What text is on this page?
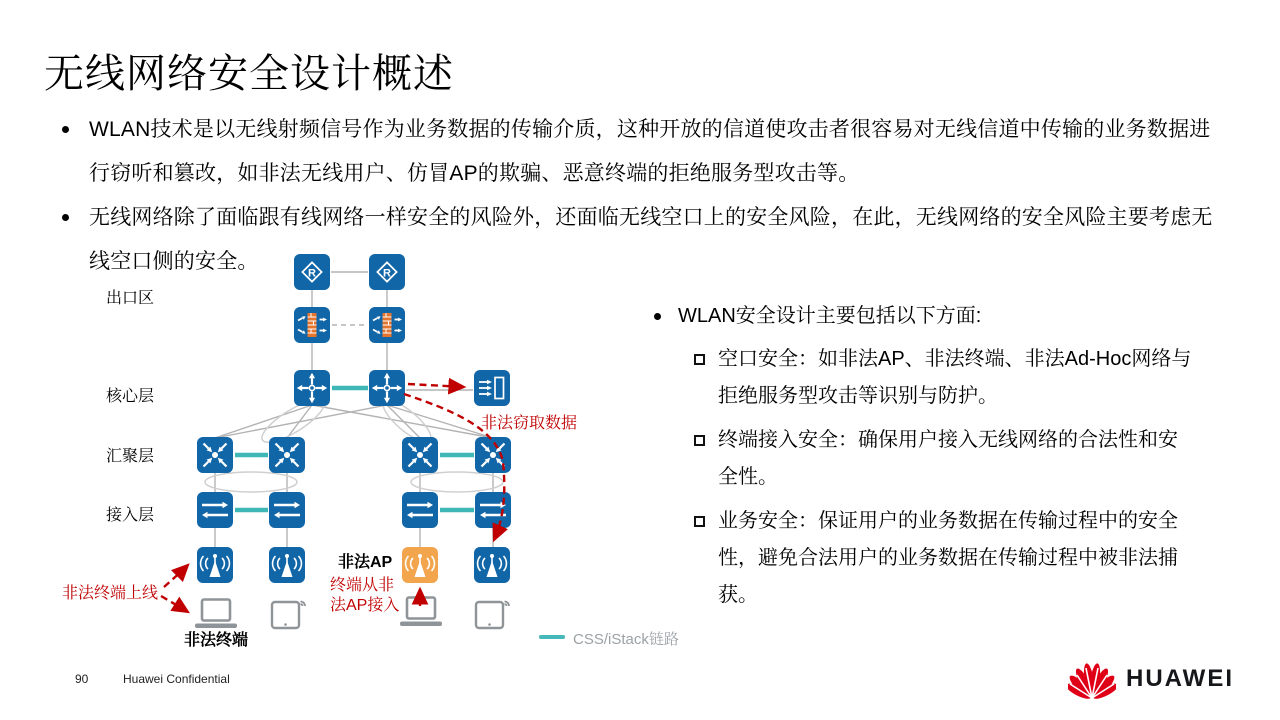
无线网络安全设计概述
WLAN技术是以无线射频信号作为业务数据的传输介质，这种开放的信道使攻击者很容易对无线信道中传输的业务数据进行窃听和篡改，如非法无线用户、仿冒AP的欺骗、恶意终端的拒绝服务型攻击等。
无线网络除了面临跟有线网络一样安全的风险外，还面临无线空口上的安全风险，在此，无线网络的安全风险主要考虑无线空口侧的安全。
WLAN安全设计主要包括以下方面:
空口安全：如非法AP、非法终端、非法Ad-Hoc网络与拒绝服务型攻击等识别与防护。
终端接入安全：确保用户接入无线网络的合法性和安全性。
业务安全：保证用户的业务数据在传输过程中的安全性，避免合法用户的业务数据在传输过程中被非法捕获。
出口区
核心层
汇聚层
接入层
非法窃取数据
非法AP
非法终端上线	终端从非法AP接入
非法终端	CSS/iStack链路
90	Huawei Confidential	HUAWEI
